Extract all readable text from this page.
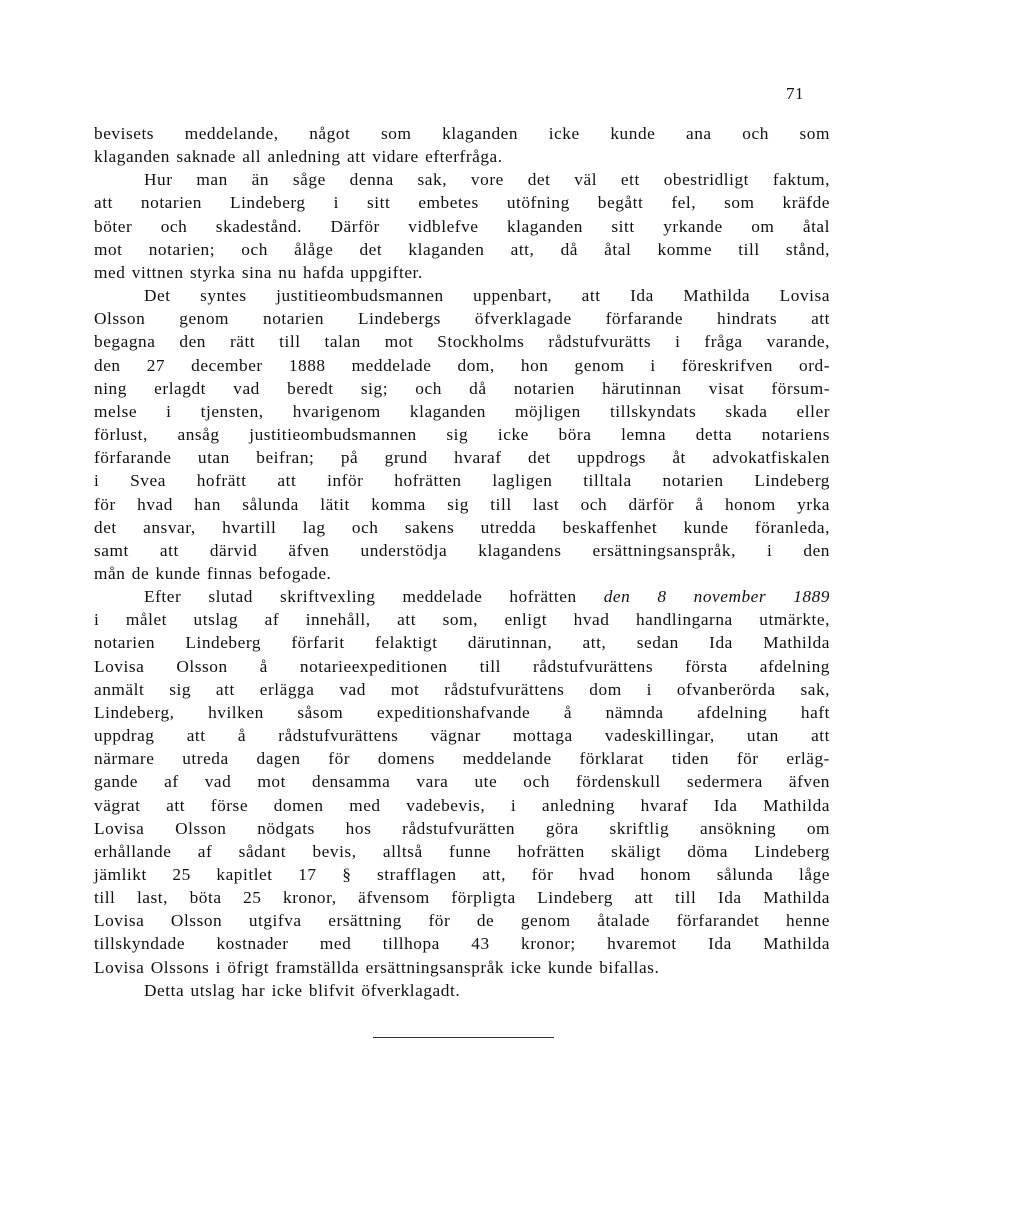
71
bevisets meddelande, något som klaganden icke kunde ana och som
klaganden saknade all anledning att vidare efterfråga.
Hur man än såge denna sak, vore det väl ett obestridligt faktum,
att notarien Lindeberg i sitt embetes utöfning begått fel, som kräfde
böter och skadestånd. Därför vidblefve klaganden sitt yrkande om åtal
mot notarien; och ålåge det klaganden att, då åtal komme till stånd,
med vittnen styrka sina nu hafda uppgifter.
Det syntes justitieombudsmannen uppenbart, att Ida Mathilda Lovisa
Olsson genom notarien Lindebergs öfverklagade förfarande hindrats att
begagna den rätt till talan mot Stockholms rådstufvurätts i fråga varande,
den 27 december 1888 meddelade dom, hon genom i föreskrifven ord-
ning erlagdt vad beredt sig; och då notarien härutinnan visat försum-
melse i tjensten, hvarigenom klaganden möjligen tillskyndats skada eller
förlust, ansåg justitieombudsmannen sig icke böra lemna detta notariens
förfarande utan beifran; på grund hvaraf det uppdrogs åt advokatfiskalen
i Svea hofrätt att inför hofrätten lagligen tilltala notarien Lindeberg
för hvad han sålunda lätit komma sig till last och därför å honom yrka
det ansvar, hvartill lag och sakens utredda beskaffenhet kunde föranleda,
samt att därvid äfven understödja klagandens ersättningsanspråk, i den
mån de kunde finnas befogade.
Efter slutad skriftvexling meddelade hofrätten den 8 november 1889
i målet utslag af innehåll, att som, enligt hvad handlingarna utmärkte,
notarien Lindeberg förfarit felaktigt därutinnan, att, sedan Ida Mathilda
Lovisa Olsson å notarieexpeditionen till rådstufvurättens första afdelning
anmält sig att erlägga vad mot rådstufvurättens dom i ofvanberörda sak,
Lindeberg, hvilken såsom expeditionshafvande å nämnda afdelning haft
uppdrag att å rådstufvurättens vägnar mottaga vadeskillingar, utan att
närmare utreda dagen för domens meddelande förklarat tiden för erläg-
gande af vad mot densamma vara ute och fördenskull sedermera äfven
vägrat att förse domen med vadebevis, i anledning hvaraf Ida Mathilda
Lovisa Olsson nödgats hos rådstufvurätten göra skriftlig ansökning om
erhållande af sådant bevis, alltså funne hofrätten skäligt döma Lindeberg
jämlikt 25 kapitlet 17 § strafflagen att, för hvad honom sålunda låge
till last, böta 25 kronor, äfvensom förpligta Lindeberg att till Ida Mathilda
Lovisa Olsson utgifva ersättning för de genom åtalade förfarandet henne
tillskyndade kostnader med tillhopa 43 kronor; hvaremot Ida Mathilda
Lovisa Olssons i öfrigt framställda ersättningsanspråk icke kunde bifallas.
Detta utslag har icke blifvit öfverklagadt.
